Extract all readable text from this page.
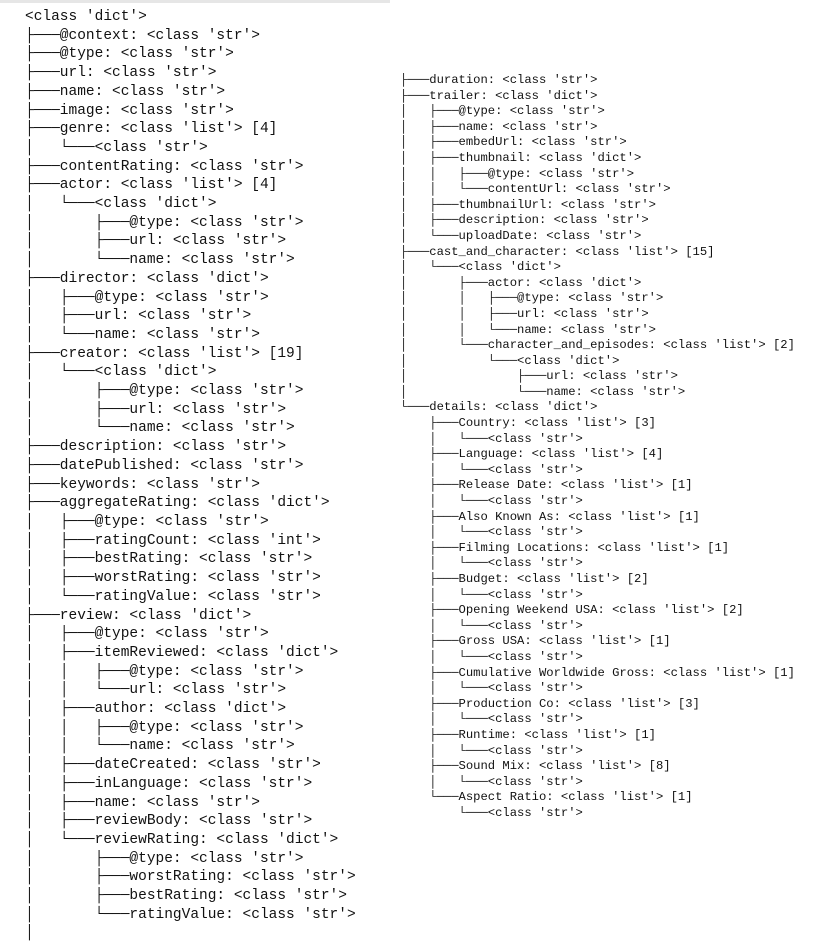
<class 'dict'>
├───@context: <class 'str'>
├───@type: <class 'str'>
├───url: <class 'str'>
├───name: <class 'str'>
├───image: <class 'str'>
├───genre: <class 'list'> [4]
│   └───<class 'str'>
├───contentRating: <class 'str'>
├───actor: <class 'list'> [4]
│   └───<class 'dict'>
│       ├───@type: <class 'str'>
│       ├───url: <class 'str'>
│       └───name: <class 'str'>
├───director: <class 'dict'>
│   ├───@type: <class 'str'>
│   ├───url: <class 'str'>
│   └───name: <class 'str'>
├───creator: <class 'list'> [19]
│   └───<class 'dict'>
│       ├───@type: <class 'str'>
│       ├───url: <class 'str'>
│       └───name: <class 'str'>
├───description: <class 'str'>
├───datePublished: <class 'str'>
├───keywords: <class 'str'>
├───aggregateRating: <class 'dict'>
│   ├───@type: <class 'str'>
│   ├───ratingCount: <class 'int'>
│   ├───bestRating: <class 'str'>
│   ├───worstRating: <class 'str'>
│   └───ratingValue: <class 'str'>
├───review: <class 'dict'>
│   ├───@type: <class 'str'>
│   ├───itemReviewed: <class 'dict'>
│   │   ├───@type: <class 'str'>
│   │   └───url: <class 'str'>
│   ├───author: <class 'dict'>
│   │   ├───@type: <class 'str'>
│   │   └───name: <class 'str'>
│   ├───dateCreated: <class 'str'>
│   ├───inLanguage: <class 'str'>
│   ├───name: <class 'str'>
│   ├───reviewBody: <class 'str'>
│   └───reviewRating: <class 'dict'>
│       ├───@type: <class 'str'>
│       ├───worstRating: <class 'str'>
│       ├───bestRating: <class 'str'>
│       └───ratingValue: <class 'str'>
│
├───duration: <class 'str'>
├───trailer: <class 'dict'>
│   ├───@type: <class 'str'>
│   ├───name: <class 'str'>
│   ├───embedUrl: <class 'str'>
│   ├───thumbnail: <class 'dict'>
│   │   ├───@type: <class 'str'>
│   │   └───contentUrl: <class 'str'>
│   ├───thumbnailUrl: <class 'str'>
│   ├───description: <class 'str'>
│   └───uploadDate: <class 'str'>
├───cast_and_character: <class 'list'> [15]
│   └───<class 'dict'>
│       ├───actor: <class 'dict'>
│       │   ├───@type: <class 'str'>
│       │   ├───url: <class 'str'>
│       │   └───name: <class 'str'>
│       └───character_and_episodes: <class 'list'> [2]
│           └───<class 'dict'>
│               ├───url: <class 'str'>
│               └───name: <class 'str'>
└───details: <class 'dict'>
├───Country: <class 'list'> [3]
│   └───<class 'str'>
├───Language: <class 'list'> [4]
│   └───<class 'str'>
├───Release Date: <class 'list'> [1]
│   └───<class 'str'>
├───Also Known As: <class 'list'> [1]
│   └───<class 'str'>
├───Filming Locations: <class 'list'> [1]
│   └───<class 'str'>
├───Budget: <class 'list'> [2]
│   └───<class 'str'>
├───Opening Weekend USA: <class 'list'> [2]
│   └───<class 'str'>
├───Gross USA: <class 'list'> [1]
│   └───<class 'str'>
├───Cumulative Worldwide Gross: <class 'list'> [1]
│   └───<class 'str'>
├───Production Co: <class 'list'> [3]
│   └───<class 'str'>
├───Runtime: <class 'list'> [1]
│   └───<class 'str'>
├───Sound Mix: <class 'list'> [8]
│   └───<class 'str'>
└───Aspect Ratio: <class 'list'> [1]
└───<class 'str'>
